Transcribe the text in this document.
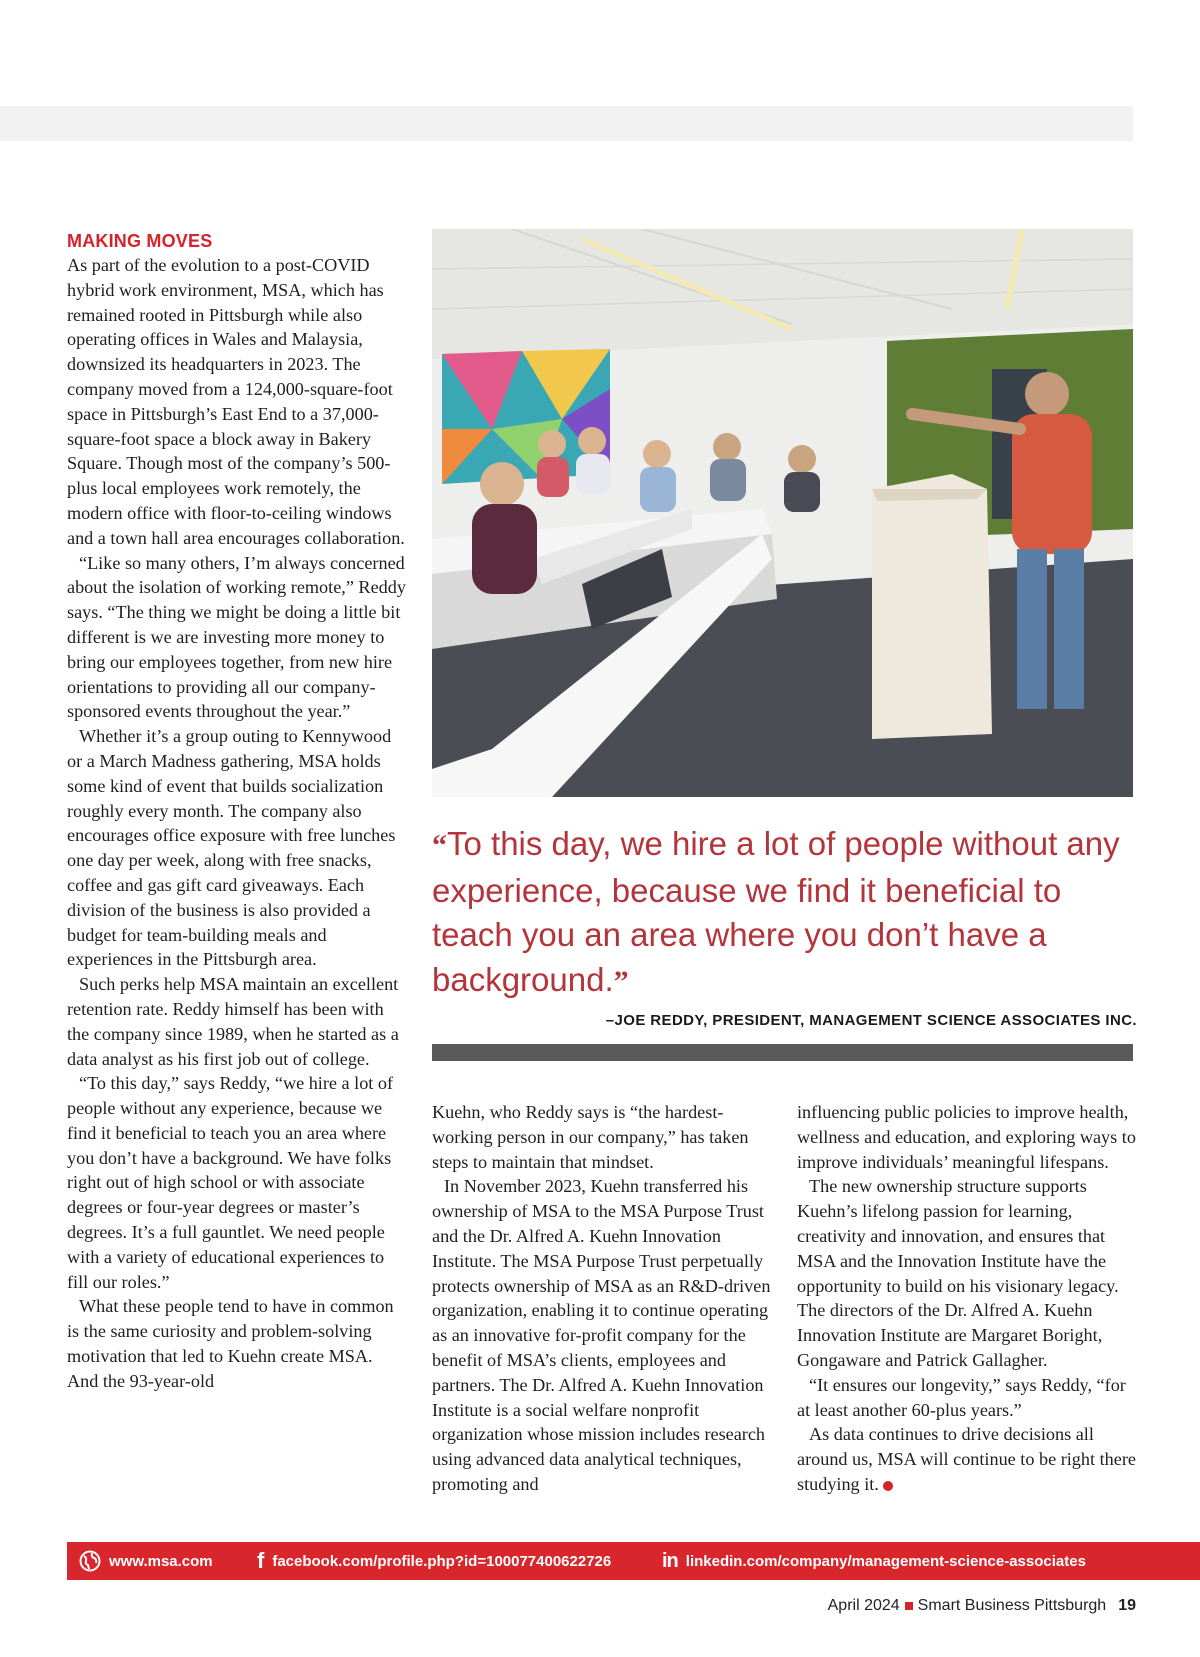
MAKING MOVES

As part of the evolution to a post-COVID hybrid work environment, MSA, which has remained rooted in Pittsburgh while also operating offices in Wales and Malaysia, downsized its headquarters in 2023. The company moved from a 124,000-square-foot space in Pittsburgh’s East End to a 37,000-square-foot space a block away in Bakery Square. Though most of the company’s 500-plus local employees work remotely, the modern office with floor-to-ceiling windows and a town hall area encourages collaboration.

“Like so many others, I’m always concerned about the isolation of working remote,” Reddy says. “The thing we might be doing a little bit different is we are investing more money to bring our employees together, from new hire orientations to providing all our company-sponsored events throughout the year.”

Whether it’s a group outing to Kennywood or a March Madness gathering, MSA holds some kind of event that builds socialization roughly every month. The company also encourages office exposure with free lunches one day per week, along with free snacks, coffee and gas gift card giveaways. Each division of the business is also provided a budget for team-building meals and experiences in the Pittsburgh area.

Such perks help MSA maintain an excellent retention rate. Reddy himself has been with the company since 1989, when he started as a data analyst as his first job out of college.

“To this day,” says Reddy, “we hire a lot of people without any experience, because we find it beneficial to teach you an area where you don’t have a background. We have folks right out of high school or with associate degrees or four-year degrees or master’s degrees. It’s a full gauntlet. We need people with a variety of educational experiences to fill our roles.”

What these people tend to have in common is the same curiosity and problem-solving motivation that led to Kuehn create MSA. And the 93-year-old

“To this day, we hire a lot of people without any experience, because we find it beneficial to teach you an area where you don’t have a background.”

–JOE REDDY, PRESIDENT, MANAGEMENT SCIENCE ASSOCIATES INC.

Kuehn, who Reddy says is “the hardest-working person in our company,” has taken steps to maintain that mindset.

In November 2023, Kuehn transferred his ownership of MSA to the MSA Purpose Trust and the Dr. Alfred A. Kuehn Innovation Institute. The MSA Purpose Trust perpetually protects ownership of MSA as an R&D-driven organization, enabling it to continue operating as an innovative for-profit company for the benefit of MSA’s clients, employees and partners. The Dr. Alfred A. Kuehn Innovation Institute is a social welfare nonprofit organization whose mission includes research using advanced data analytical techniques, promoting and

influencing public policies to improve health, wellness and education, and exploring ways to improve individuals’ meaningful lifespans.

The new ownership structure supports Kuehn’s lifelong passion for learning, creativity and innovation, and ensures that MSA and the Innovation Institute have the opportunity to build on his visionary legacy. The directors of the Dr. Alfred A. Kuehn Innovation Institute are Margaret Boright, Gongaware and Patrick Gallagher.

“It ensures our longevity,” says Reddy, “for at least another 60-plus years.”

As data continues to drive decisions all around us, MSA will continue to be right there studying it.

www.msa.com f facebook.com/profile.php?id=100077400622726	in linkedin.com/company/management-science-associates
April 2024 Smart Business Pittsburgh 19
